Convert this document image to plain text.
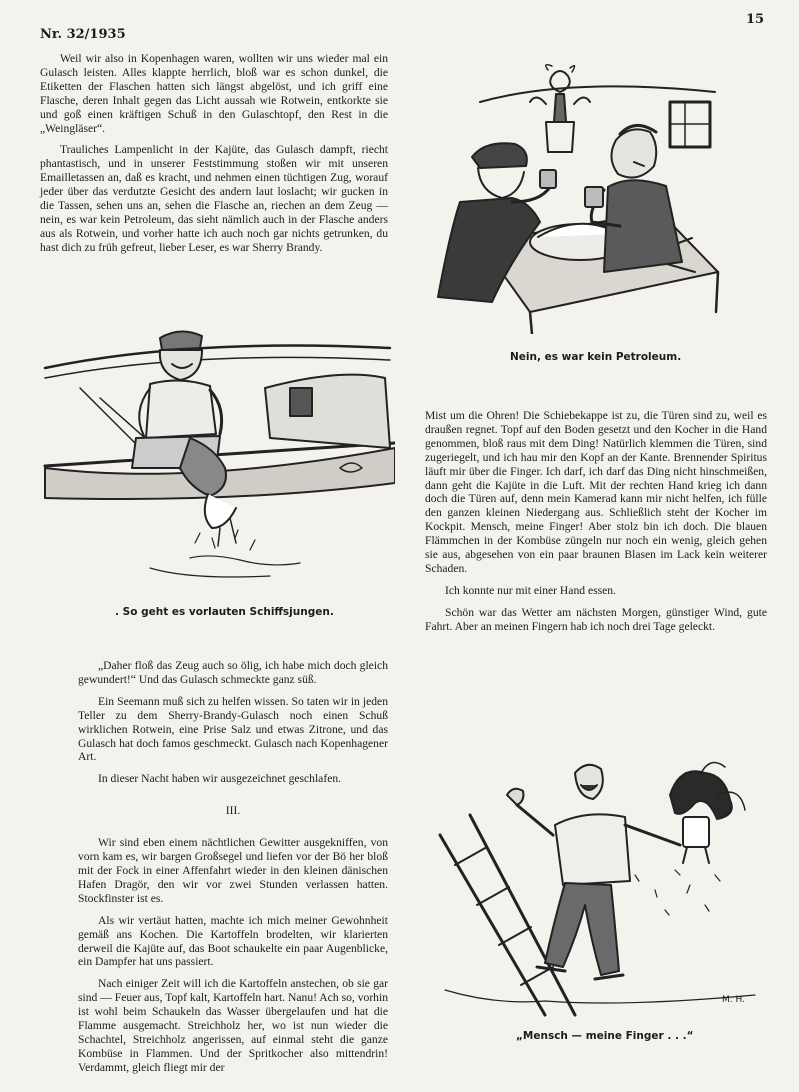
Nr. 32/1935
15

Weil wir also in Kopenhagen waren, wollten wir uns wieder mal ein Gulasch leisten. Alles klappte herrlich, bloß war es schon dunkel, die Etiketten der Flaschen hatten sich längst abgelöst, und ich griff eine Flasche, deren Inhalt gegen das Licht aussah wie Rotwein, entkorkte sie und goß einen kräftigen Schuß in den Gulaschtopf, den Rest in die „Weingläser“.

Trauliches Lampenlicht in der Kajüte, das Gulasch dampft, riecht phantastisch, und in unserer Feststimmung stoßen wir mit unseren Emailletassen an, daß es kracht, und nehmen einen tüchtigen Zug, worauf jeder über das verdutzte Gesicht des andern laut loslacht; wir gucken in die Tassen, sehen uns an, sehen die Flasche an, riechen an dem Zeug — nein, es war kein Petroleum, das sieht nämlich auch in der Flasche anders aus als Rotwein, und vorher hatte ich auch noch gar nichts getrunken, du hast dich zu früh gefreut, lieber Leser, es war Sherry Brandy.

Nein, es war kein Petroleum.
. So geht es vorlauten Schiffsjungen.

„Daher floß das Zeug auch so ölig, ich habe mich doch gleich gewundert!“ Und das Gulasch schmeckte ganz süß.

Ein Seemann muß sich zu helfen wissen. So taten wir in jeden Teller zu dem Sherry-Brandy-Gulasch noch einen Schuß wirklichen Rotwein, eine Prise Salz und etwas Zitrone, und das Gulasch hat doch famos geschmeckt. Gulasch nach Kopenhagener Art.

In dieser Nacht haben wir ausgezeichnet geschlafen.

III.

Wir sind eben einem nächtlichen Gewitter ausgekniffen, von vorn kam es, wir bargen Großsegel und liefen vor der Bö her bloß mit der Fock in einer Affenfahrt wieder in den kleinen dänischen Hafen Dragör, den wir vor zwei Stunden verlassen hatten. Stockfinster ist es.

Als wir vertäut hatten, machte ich mich meiner Gewohnheit gemäß ans Kochen. Die Kartoffeln brodelten, wir klarierten derweil die Kajüte auf, das Boot schaukelte ein paar Augenblicke, ein Dampfer hat uns passiert.

Nach einiger Zeit will ich die Kartoffeln anstechen, ob sie gar sind — Feuer aus, Topf kalt, Kartoffeln hart. Nanu! Ach so, vorhin ist wohl beim Schaukeln das Wasser übergelaufen und hat die Flamme ausgemacht. Streichholz her, wo ist nun wieder die Schachtel, Streichholz angerissen, auf einmal steht die ganze Kombüse in Flammen. Und der Spritkocher also mittendrin! Verdammt, gleich fliegt mir der

Mist um die Ohren! Die Schiebekappe ist zu, die Türen sind zu, weil es draußen regnet. Topf auf den Boden gesetzt und den Kocher in die Hand genommen, bloß raus mit dem Ding! Natürlich klemmen die Türen, sind zugeriegelt, und ich hau mir den Kopf an der Kante. Brennender Spiritus läuft mir über die Finger. Ich darf, ich darf das Ding nicht hinschmeißen, dann geht die Kajüte in die Luft. Mit der rechten Hand krieg ich dann doch die Türen auf, denn mein Kamerad kann mir nicht helfen, ich fülle den ganzen kleinen Niedergang aus. Schließlich steht der Kocher im Kockpit. Mensch, meine Finger! Aber stolz bin ich doch. Die blauen Flämmchen in der Kombüse züngeln nur noch ein wenig, gleich gehen sie aus, abgesehen von ein paar braunen Blasen im Lack kein weiterer Schaden.

Ich konnte nur mit einer Hand essen.

Schön war das Wetter am nächsten Morgen, günstiger Wind, gute Fahrt. Aber an meinen Fingern hab ich noch drei Tage geleckt.

M. H.
„Mensch — meine Finger . . .“
